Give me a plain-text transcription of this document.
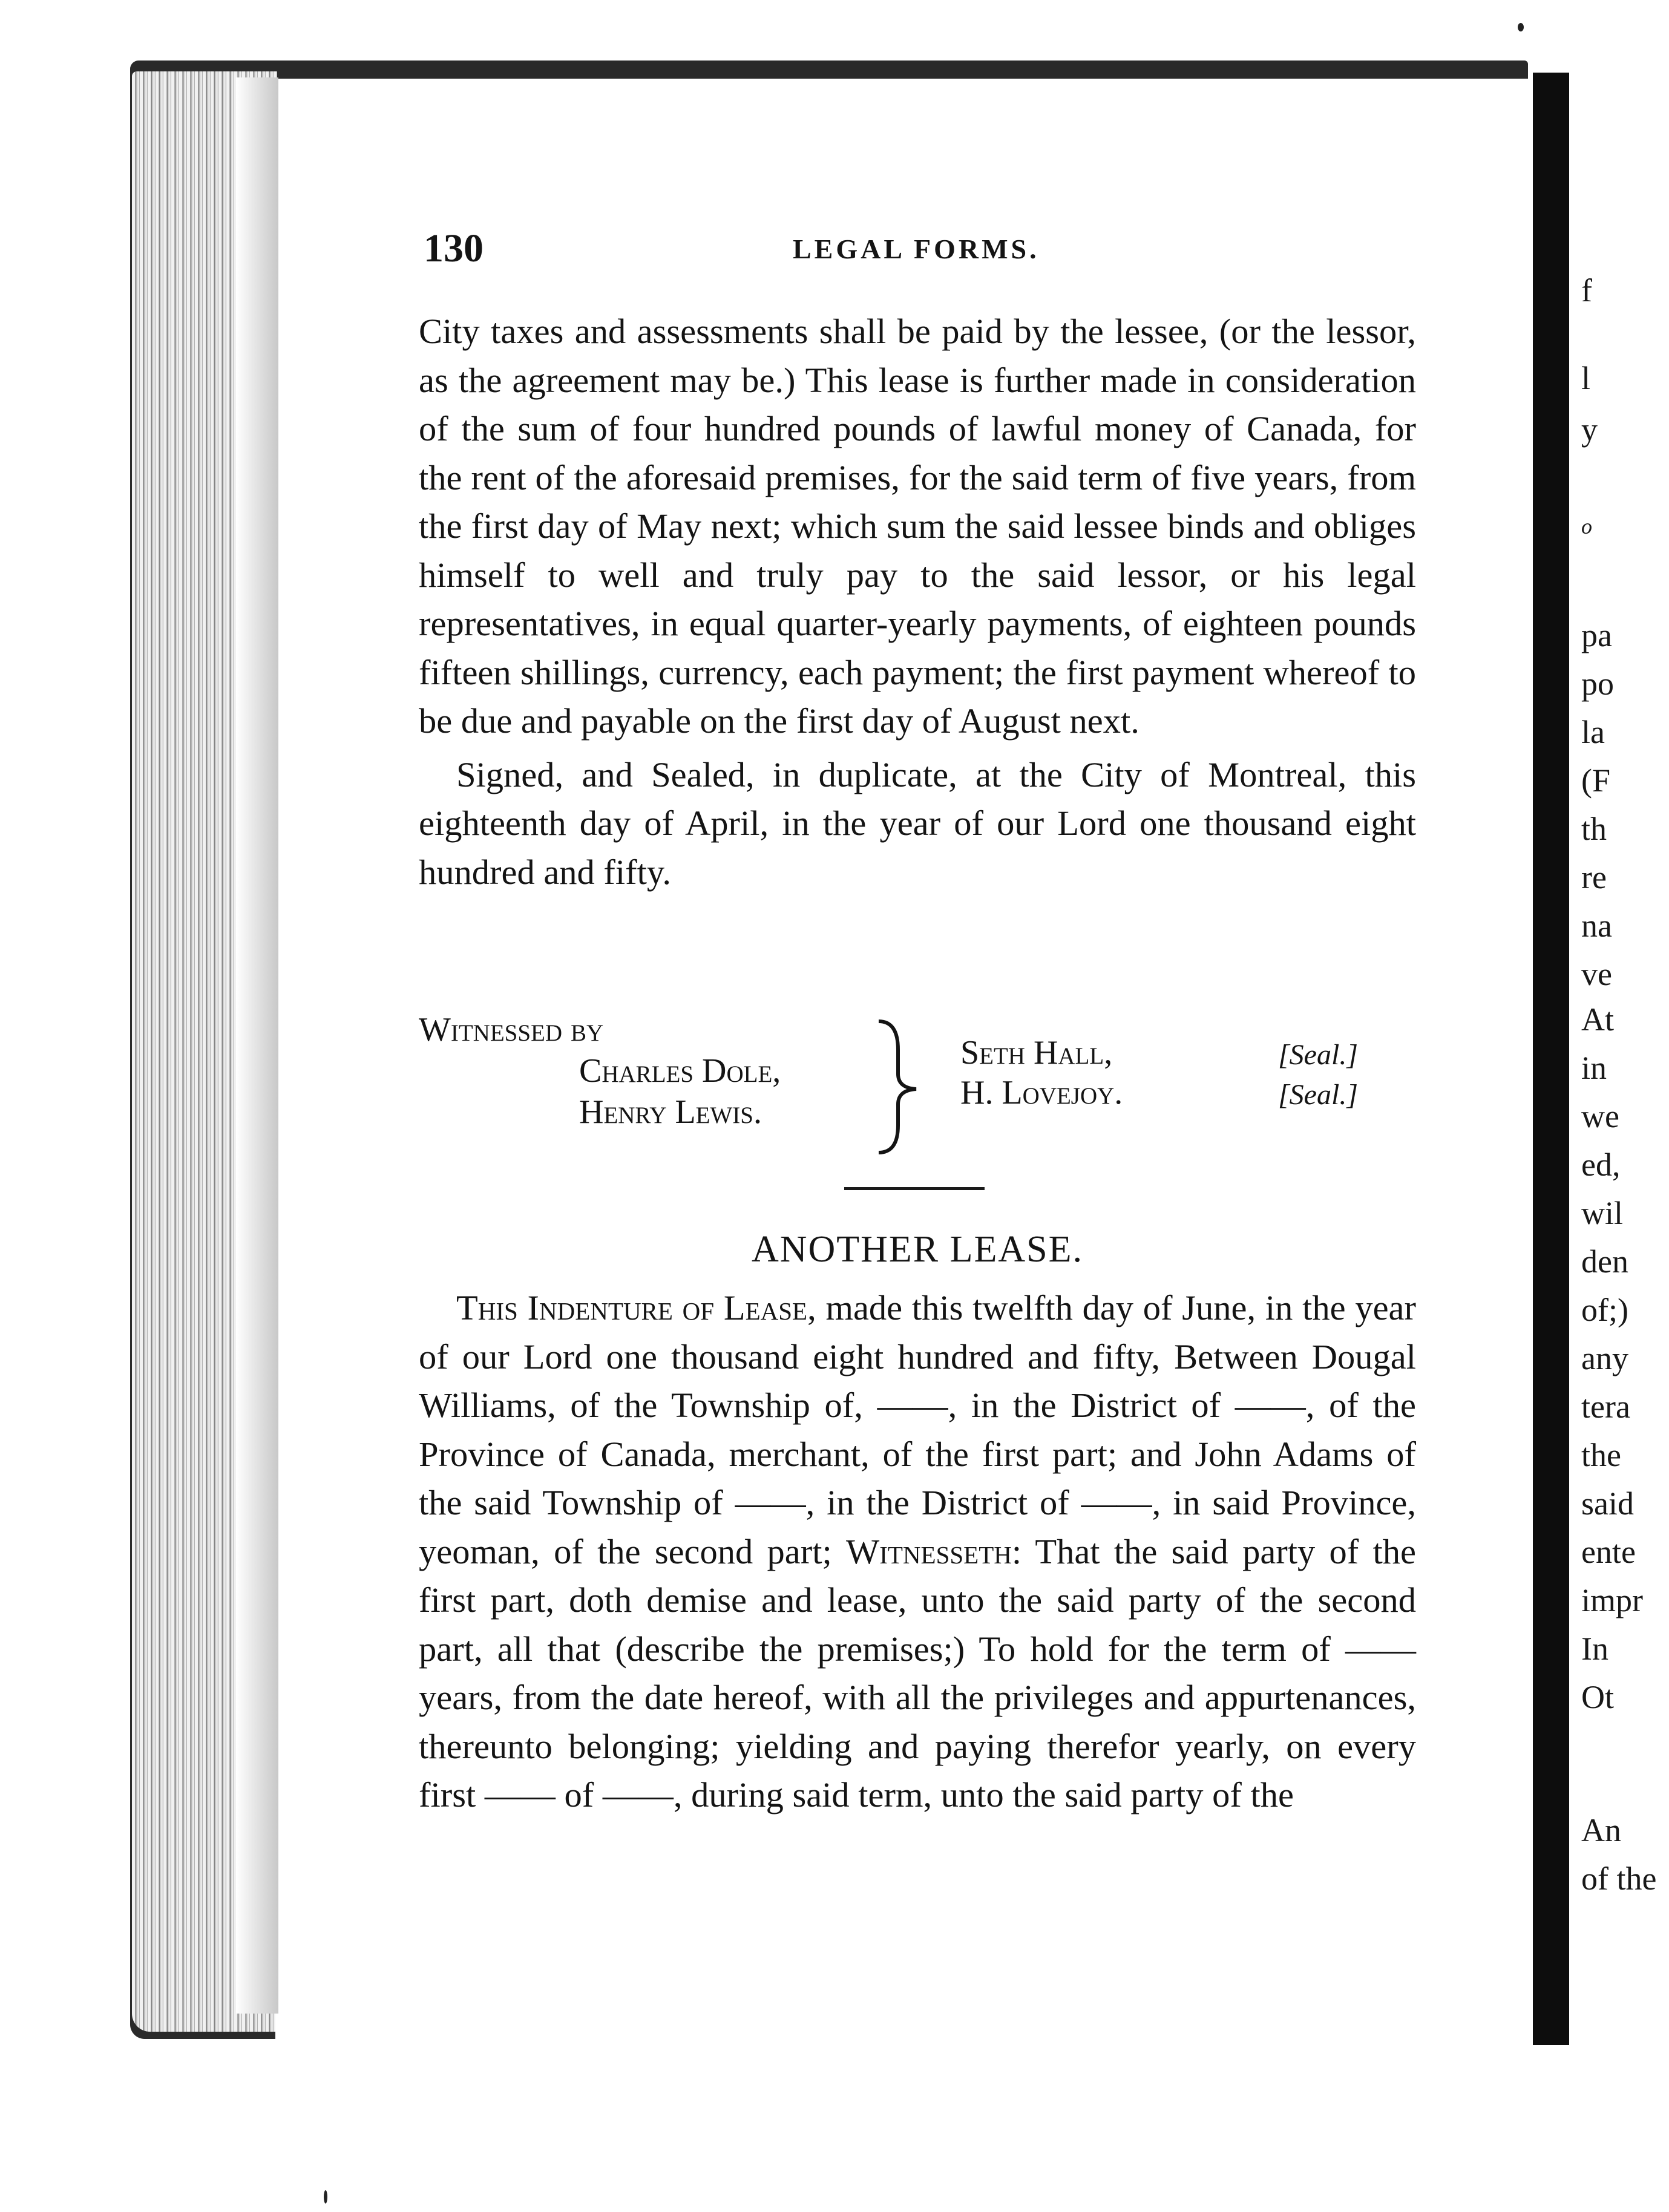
f
l
y
o
pa
po
la
(F
th
re
na
ve
At
in
we
ed,
wil
den
of;)
any
tera
the
said
ente
impr
In
Ot
An
of the
130	LEGAL FORMS.

City taxes and assessments shall be paid by the lessee, (or the lessor, as the agreement may be.) This lease is further made in consideration of the sum of four hundred pounds of lawful money of Canada, for the rent of the aforesaid premises, for the said term of five years, from the first day of May next; which sum the said lessee binds and obliges himself to well and truly pay to the said lessor, or his legal representatives, in equal quarter-yearly payments, of eighteen pounds fifteen shillings, currency, each payment; the first payment whereof to be due and payable on the first day of August next.

Signed, and Sealed, in duplicate, at the City of Montreal, this eighteenth day of April, in the year of our Lord one thousand eight hundred and fifty.

Witnessed by
Charles Dole,
Henry Lewis.
Seth Hall,
H. Lovejoy.
[Seal.]
[Seal.]
ANOTHER LEASE.

This Indenture of Lease, made this twelfth day of June, in the year of our Lord one thousand eight hundred and fifty, Between Dougal Williams, of the Township of, ——, in the District of ——, of the Province of Canada, merchant, of the first part; and John Adams of the said Township of ——, in the District of ——, in said Province, yeoman, of the second part; Witnesseth: That the said party of the first part, doth demise and lease, unto the said party of the second part, all that (describe the premises;) To hold for the term of —— years, from the date hereof, with all the privileges and appurtenances, thereunto belonging; yielding and paying therefor yearly, on every first —— of ——, during said term, unto the said party of the
